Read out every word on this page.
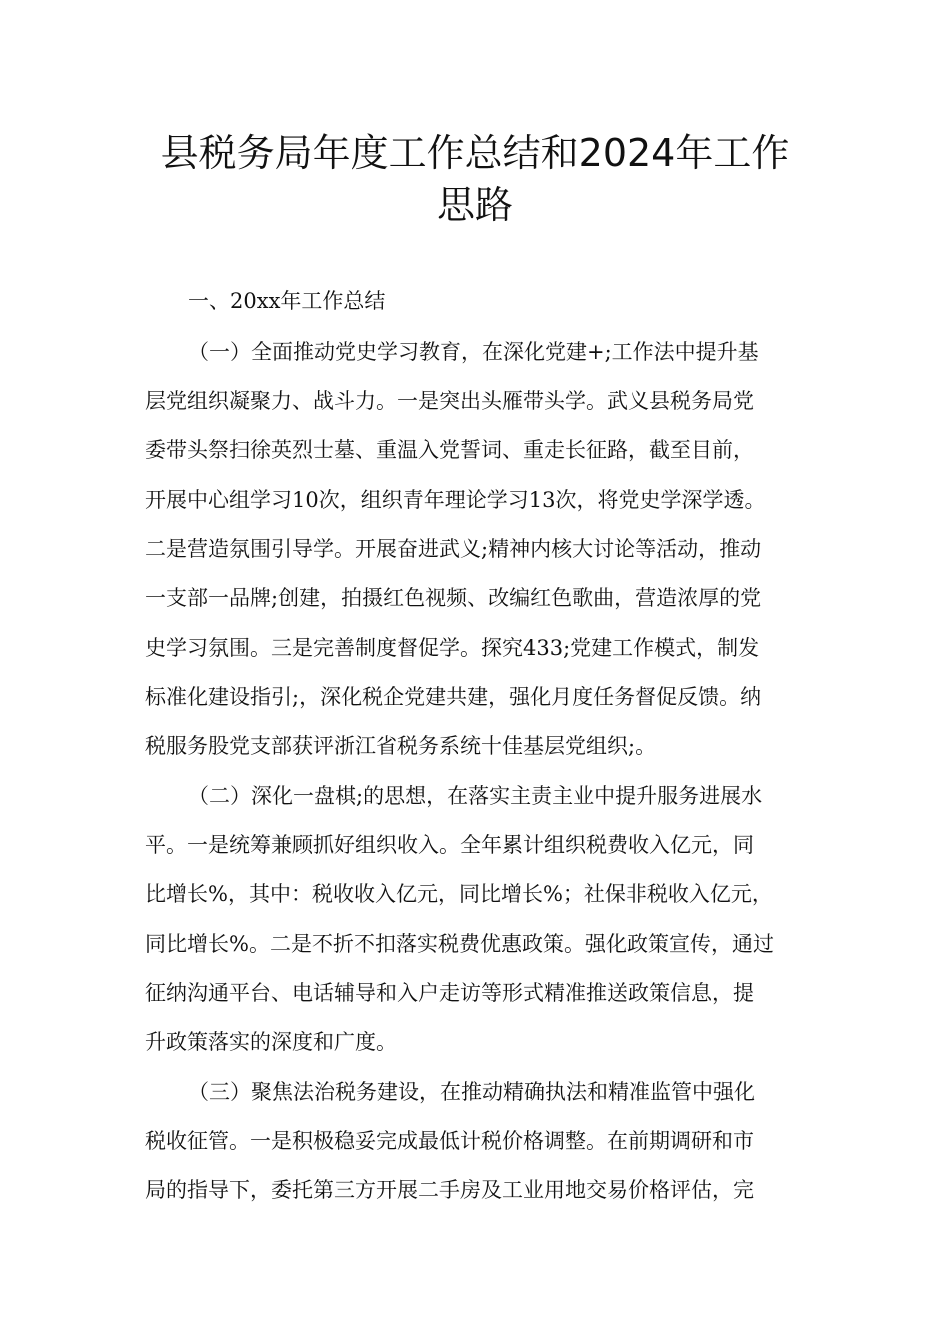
县税务局年度工作总结和2024年工作
思路
一、20xx年工作总结
（一）全面推动党史学习教育，在深化党建+;工作法中提升基
层党组织凝聚力、战斗力。一是突出头雁带头学。武义县税务局党
委带头祭扫徐英烈士墓、重温入党誓词、重走长征路，截至目前，
开展中心组学习10次，组织青年理论学习13次，将党史学深学透。
二是营造氛围引导学。开展奋进武义;精神内核大讨论等活动，推动
一支部一品牌;创建，拍摄红色视频、改编红色歌曲，营造浓厚的党
史学习氛围。三是完善制度督促学。探究433;党建工作模式，制发
标准化建设指引;，深化税企党建共建，强化月度任务督促反馈。纳
税服务股党支部获评浙江省税务系统十佳基层党组织;。
（二）深化一盘棋;的思想，在落实主责主业中提升服务进展水
平。一是统筹兼顾抓好组织收入。全年累计组织税费收入亿元，同
比增长%，其中：税收收入亿元，同比增长%；社保非税收入亿元，
同比增长%。二是不折不扣落实税费优惠政策。强化政策宣传，通过
征纳沟通平台、电话辅导和入户走访等形式精准推送政策信息，提
升政策落实的深度和广度。
（三）聚焦法治税务建设，在推动精确执法和精准监管中强化
税收征管。一是积极稳妥完成最低计税价格调整。在前期调研和市
局的指导下，委托第三方开展二手房及工业用地交易价格评估，完
